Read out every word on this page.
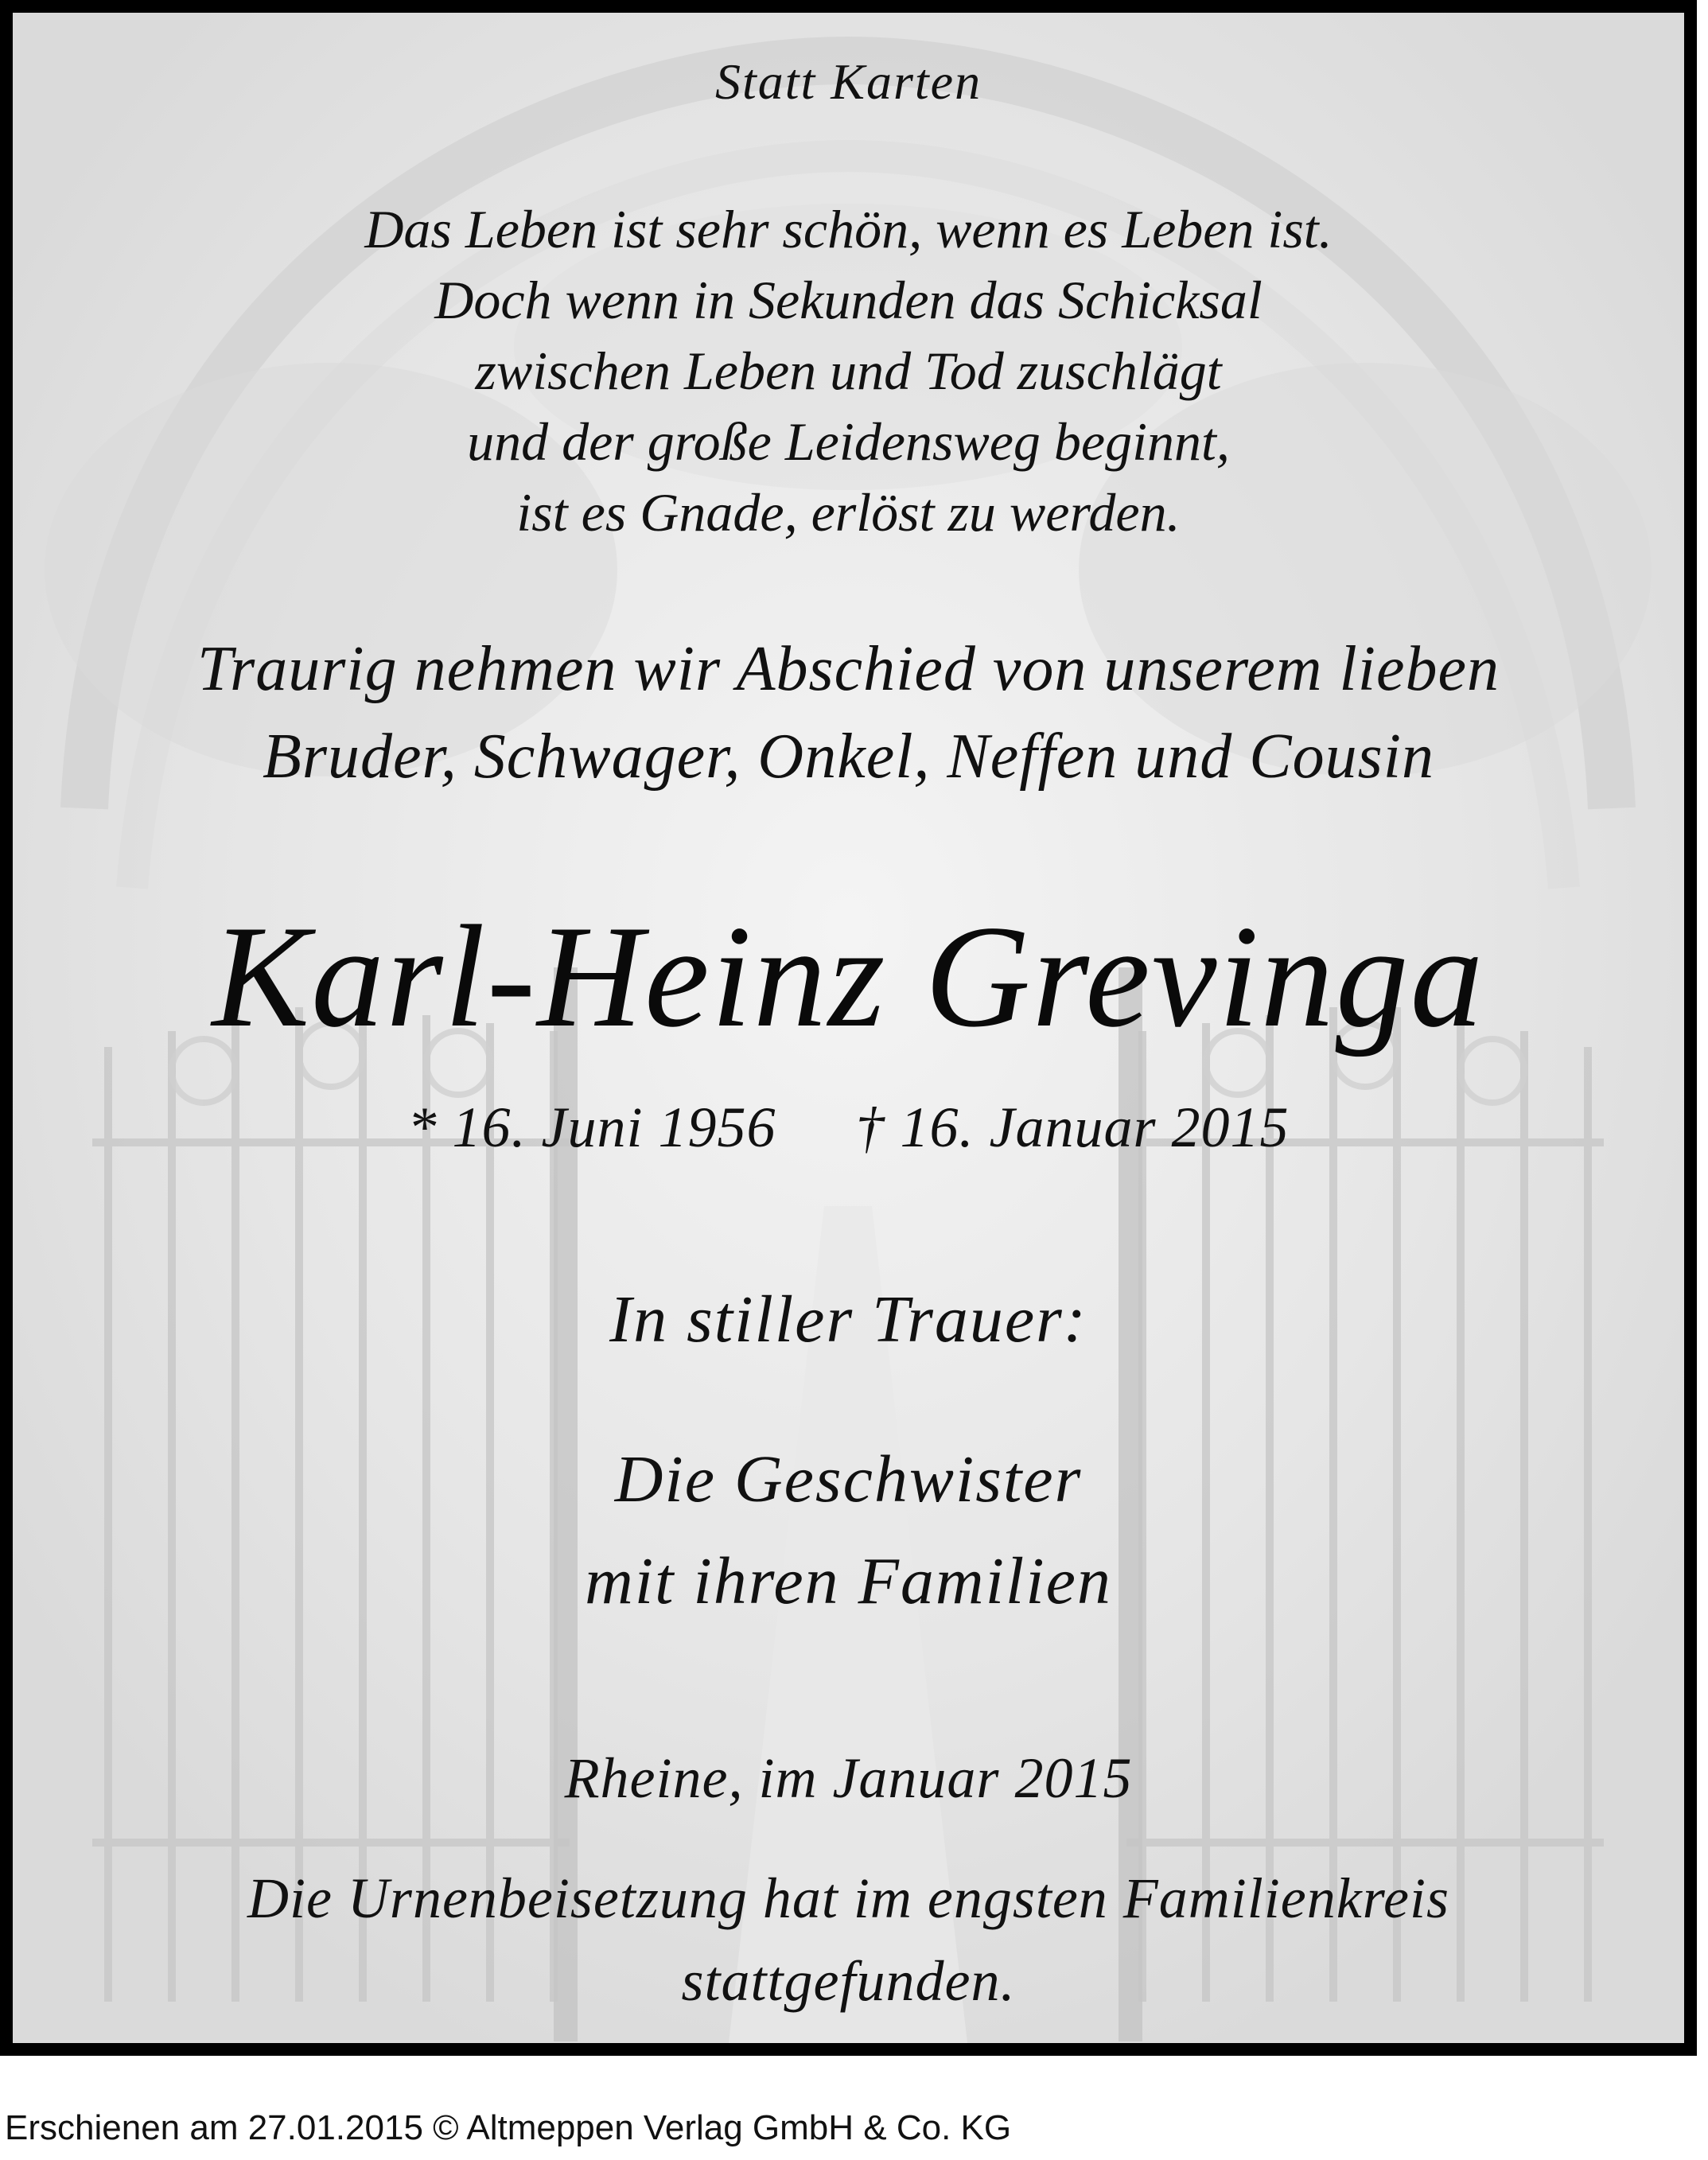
Statt Karten
Das Leben ist sehr schön, wenn es Leben ist.
Doch wenn in Sekunden das Schicksal
zwischen Leben und Tod zuschlägt
und der große Leidensweg beginnt,
ist es Gnade, erlöst zu werden.
Traurig nehmen wir Abschied von unserem lieben
Bruder, Schwager, Onkel, Neffen und Cousin
Karl-Heinz Grevinga
* 16. Juni 1956 † 16. Januar 2015
In stiller Trauer:
Die Geschwister
mit ihren Familien
Rheine, im Januar 2015
Die Urnenbeisetzung hat im engsten Familienkreis
stattgefunden.
Erschienen am 27.01.2015 © Altmeppen Verlag GmbH & Co. KG
